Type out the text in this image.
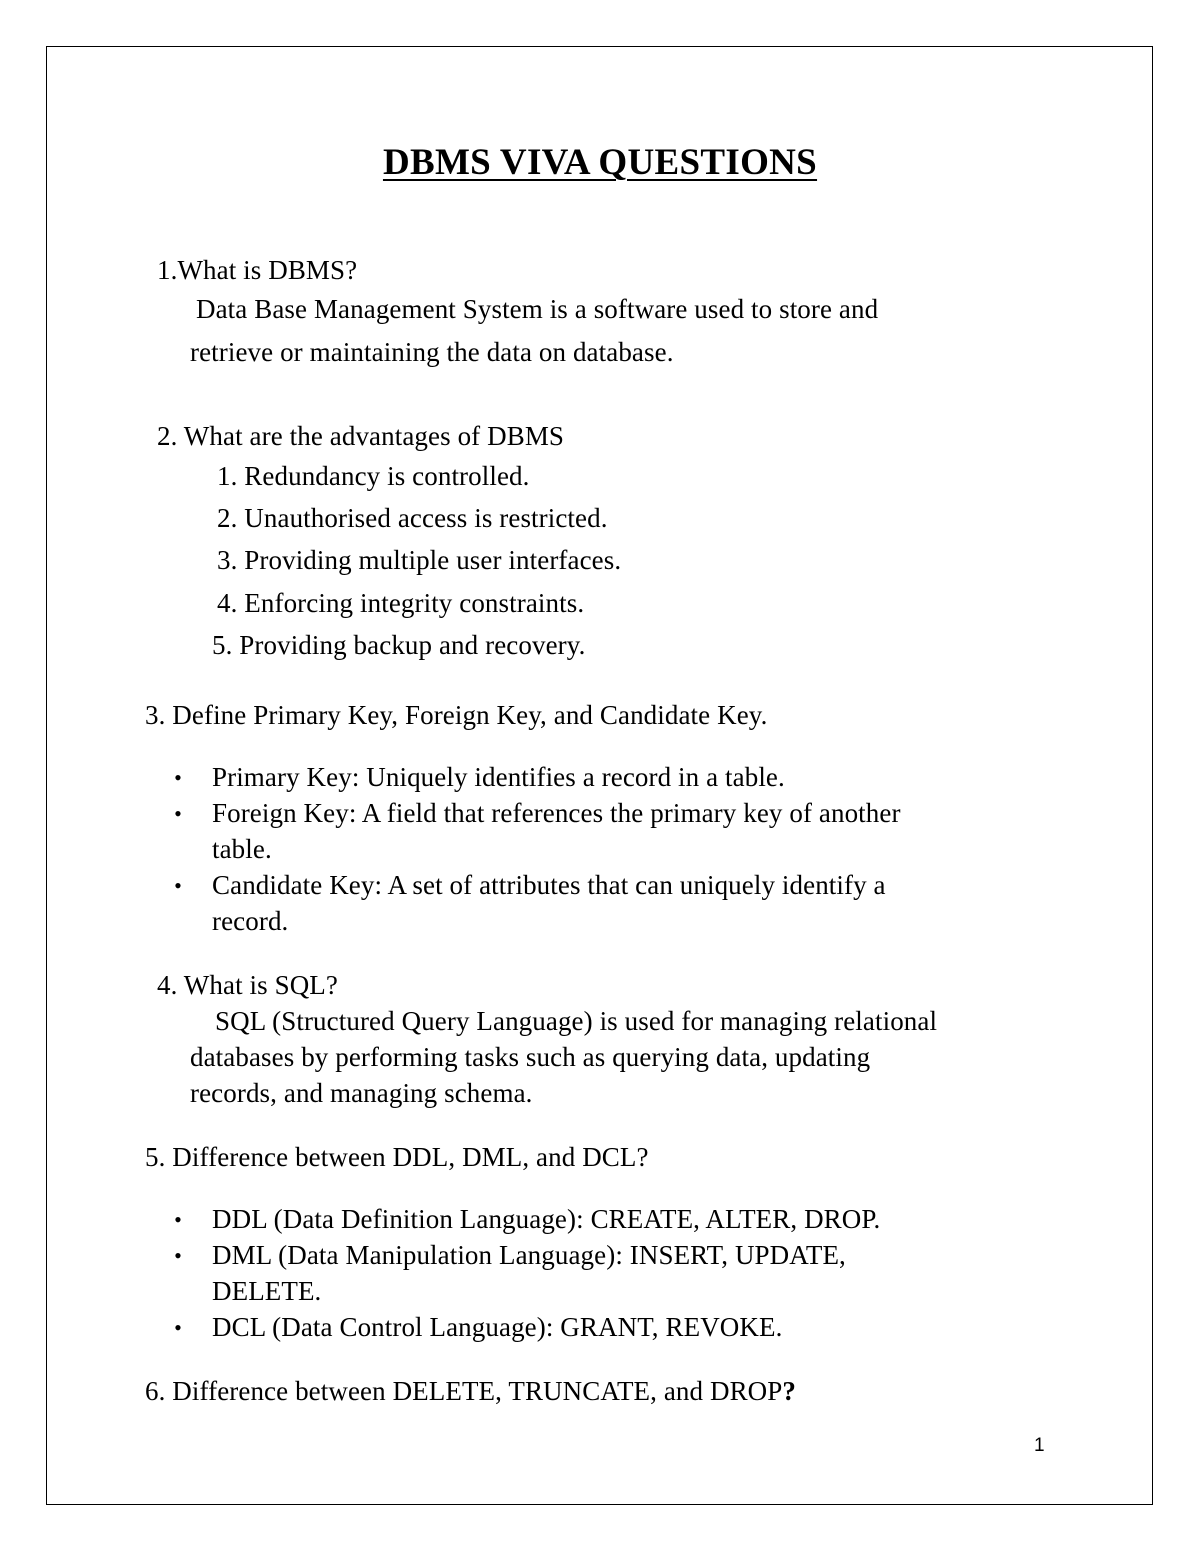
DBMS VIVA QUESTIONS
1.What is DBMS?
Data Base Management System is a software used to store and
retrieve or maintaining the data on database.
2. What are the advantages of DBMS
1. Redundancy is controlled.
2. Unauthorised access is restricted.
3. Providing multiple user interfaces.
4. Enforcing integrity constraints.
5. Providing backup and recovery.
3. Define Primary Key, Foreign Key, and Candidate Key.
• Primary Key: Uniquely identifies a record in a table.
• Foreign Key: A field that references the primary key of another
table.
• Candidate Key: A set of attributes that can uniquely identify a
record.
4. What is SQL?
SQL (Structured Query Language) is used for managing relational
databases by performing tasks such as querying data, updating
records, and managing schema.
5. Difference between DDL, DML, and DCL?
• DDL (Data Definition Language): CREATE, ALTER, DROP.
• DML (Data Manipulation Language): INSERT, UPDATE,
DELETE.
• DCL (Data Control Language): GRANT, REVOKE.
6. Difference between DELETE, TRUNCATE, and DROP?
1
